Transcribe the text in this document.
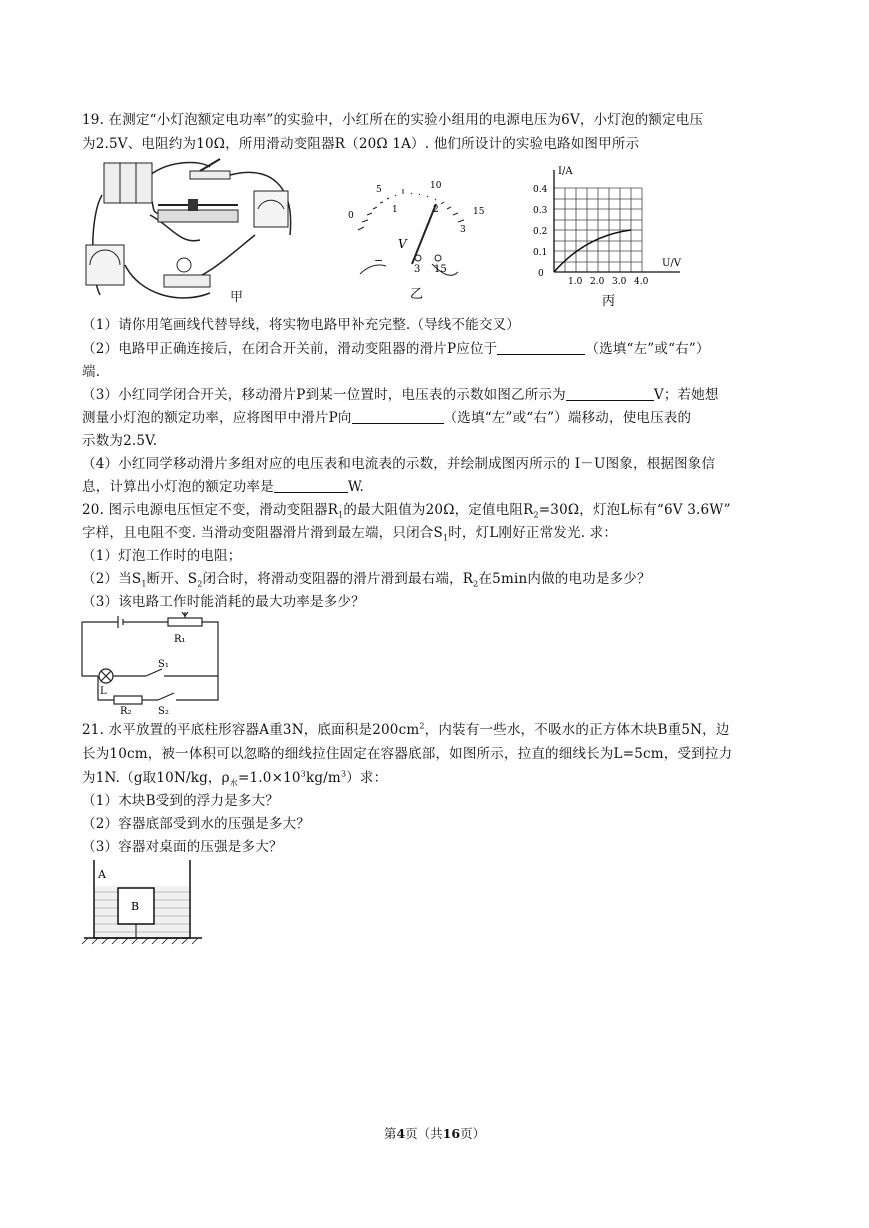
19. 在测定“小灯泡额定电功率”的实验中，小红所在的实验小组用的电源电压为6V，小灯泡的额定电压
为2.5V、电阻约为10Ω，所用滑动变阻器R（20Ω 1A）. 他们所设计的实验电路如图甲所示
甲
0
5
1
10
2	15
3
V
−
3 15
乙
I/A
U/V
0.4
0.3
0.2
0.1
0
1.0 2.0 3.0 4.0
丙
（1）请你用笔画线代替导线，将实物电路甲补充完整.（导线不能交叉）
（2）电路甲正确连接后，在闭合开关前，滑动变阻器的滑片P应位于	（选填“左”或“右”）
端.
（3）小红同学闭合开关，移动滑片P到某一位置时，电压表的示数如图乙所示为	V；若她想
测量小灯泡的额定功率，应将图甲中滑片P向	（选填“左”或“右”）端移动，使电压表的
示数为2.5V.
（4）小红同学移动滑片多组对应的电压表和电流表的示数，并绘制成图丙所示的 I－U图象，根据图象信
息，计算出小灯泡的额定功率是	W.
20. 图示电源电压恒定不变，滑动变阻器$R_1$的最大阻值为20Ω，定值电阻$R_2=30\Omega$，灯泡L标有“6V 3.6W”
字样，且电阻不变. 当滑动变阻器滑片滑到最左端，只闭合$S_1$时，灯L刚好正常发光. 求：
（1）灯泡工作时的电阻；
（2）当$S_1$断开、$S_2$闭合时，将滑动变阻器的滑片滑到最右端，$R_2$在5min内做的电功是多少？
（3）该电路工作时能消耗的最大功率是多少？
R₁
S₁
L
R₂	S₂
21. 水平放置的平底柱形容器A重3N，底面积是$200cm^2$，内装有一些水，不吸水的正方体木块B重5N，边
长为10cm，被一体积可以忽略的细线拉住固定在容器底部，如图所示，拉直的细线长为L=5cm，受到拉力
为1N.（g取10N/kg，$\rho_水=1.0\times 10^3kg/m^3$）求：
（1）木块B受到的浮力是多大？
（2）容器底部受到水的压强是多大？
（3）容器对桌面的压强是多大？
A
B
第4页（共16页）
